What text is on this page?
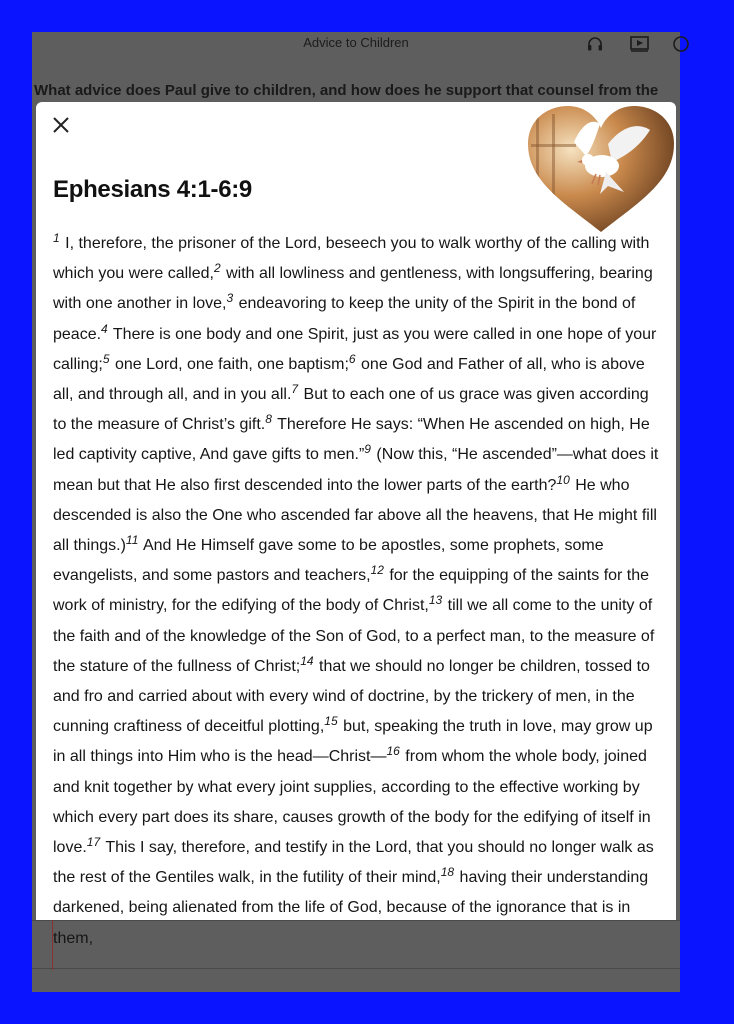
Advice to Children
What advice does Paul give to children, and how does he support that counsel from the
Ephesians 4:1-6:9
$^1$ I, therefore, the prisoner of the Lord, beseech you to walk worthy of the calling with which you were called,$^2$ with all lowliness and gentleness, with longsuffering, bearing with one another in love,$^3$ endeavoring to keep the unity of the Spirit in the bond of peace.$^4$ There is one body and one Spirit, just as you were called in one hope of your calling;$^5$ one Lord, one faith, one baptism;$^6$ one God and Father of all, who is above all, and through all, and in you all.$^7$ But to each one of us grace was given according to the measure of Christ’s gift.$^8$ Therefore He says: “When He ascended on high, He led captivity captive, And gave gifts to men.”$^9$ (Now this, “He ascended”—what does it mean but that He also first descended into the lower parts of the earth?$^{10}$ He who descended is also the One who ascended far above all the heavens, that He might fill all things.)$^{11}$ And He Himself gave some to be apostles, some prophets, some evangelists, and some pastors and teachers,$^{12}$ for the equipping of the saints for the work of ministry, for the edifying of the body of Christ,$^{13}$ till we all come to the unity of the faith and of the knowledge of the Son of God, to a perfect man, to the measure of the stature of the fullness of Christ;$^{14}$ that we should no longer be children, tossed to and fro and carried about with every wind of doctrine, by the trickery of men, in the cunning craftiness of deceitful plotting,$^{15}$ but, speaking the truth in love, may grow up in all things into Him who is the head—Christ—$^{16}$ from whom the whole body, joined and knit together by what every joint supplies, according to the effective working by which every part does its share, causes growth of the body for the edifying of itself in love.$^{17}$ This I say, therefore, and testify in the Lord, that you should no longer walk as the rest of the Gentiles walk, in the futility of their mind,$^{18}$ having their understanding darkened, being alienated from the life of God, because of the ignorance that is in them,
